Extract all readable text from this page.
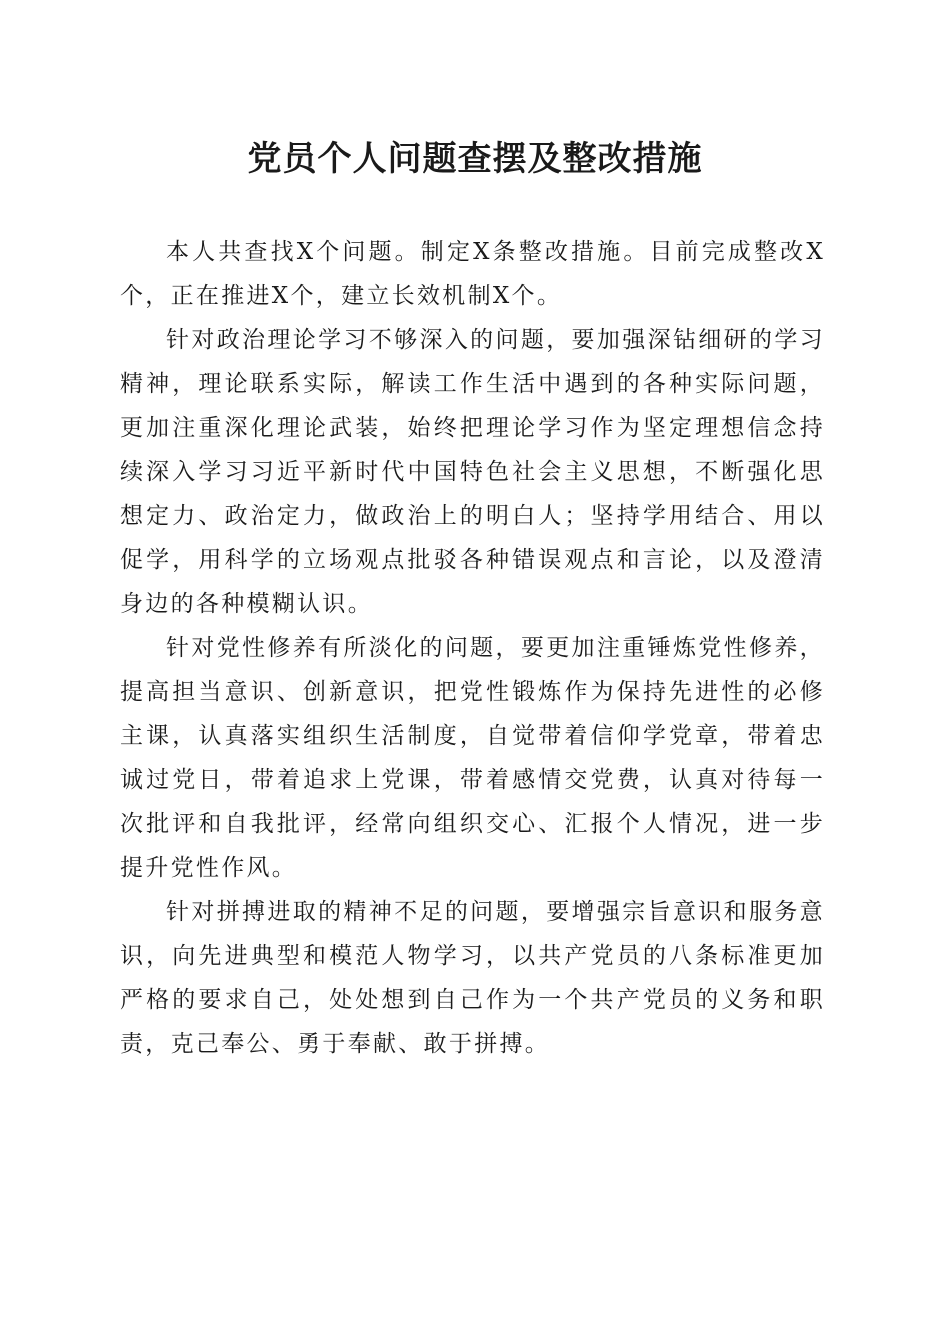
党员个人问题查摆及整改措施

本人共查找X个问题。制定X条整改措施。目前完成整改X个，正在推进X个，建立长效机制X个。

针对政治理论学习不够深入的问题，要加强深钻细研的学习精神，理论联系实际，解读工作生活中遇到的各种实际问题，更加注重深化理论武装，始终把理论学习作为坚定理想信念持续深入学习习近平新时代中国特色社会主义思想，不断强化思想定力、政治定力，做政治上的明白人；坚持学用结合、用以促学，用科学的立场观点批驳各种错误观点和言论，以及澄清身边的各种模糊认识。

针对党性修养有所淡化的问题，要更加注重锤炼党性修养，提高担当意识、创新意识，把党性锻炼作为保持先进性的必修主课，认真落实组织生活制度，自觉带着信仰学党章，带着忠诚过党日，带着追求上党课，带着感情交党费，认真对待每一次批评和自我批评，经常向组织交心、汇报个人情况，进一步提升党性作风。

针对拼搏进取的精神不足的问题，要增强宗旨意识和服务意识，向先进典型和模范人物学习，以共产党员的八条标准更加严格的要求自己，处处想到自己作为一个共产党员的义务和职责，克己奉公、勇于奉献、敢于拼搏。
